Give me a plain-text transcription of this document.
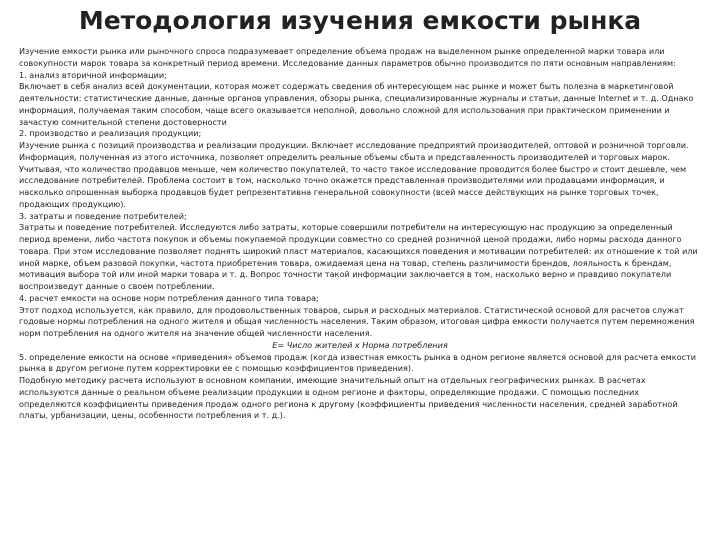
Методология изучения емкости рынка

Изучение емкости рынка или рыночного спроса подразумевает определение объема продаж на выделенном рынке определенной марки товара или совокупности марок товара за конкретный период времени. Исследование данных параметров обычно производится по пяти основным направлениям:

1. анализ вторичной информации;

Включает в себя анализ всей документации, которая может содержать сведения об интересующем нас рынке и может быть полезна в маркетинговой деятельности: статистические данные, данные органов управления, обзоры рынка, специализированные журналы и статьи, данные Internet и т. д. Однако информация, получаемая таким способом, чаще всего оказывается неполной, довольно сложной для использования при практическом применении и зачастую сомнительной степени достоверности

2. производство и реализация продукции;

Изучение рынка с позиций производства и реализации продукции. Включает исследование предприятий производителей, оптовой и розничной торговли. Информация, полученная из этого источника, позволяет определить реальные объемы сбыта и представленность производителей и торговых марок. Учитывая, что количество продавцов меньше, чем количество покупателей, то часто такое исследование проводится более быстро и стоит дешевле, чем исследование потребителей. Проблема состоит в том, насколько точно окажется представленная производителями или продавцами информация, и насколько опрошенная выборка продавцов будет репрезентативна генеральной совокупности (всей массе действующих на рынке торговых точек, продающих продукцию).

3. затраты и поведение потребителей;

Затраты и поведение потребителей. Исследуются либо затраты, которые совершили потребители на интересующую нас продукцию за определенный период времени, либо частота покупок и объемы покупаемой продукции совместно со средней розничной ценой продажи, либо нормы расхода данного товара. При этом исследование позволяет поднять широкий пласт материалов, касающихся поведения и мотивации потребителей: их отношение к той или иной марке, объем разовой покупки, частота приобретения товара, ожидаемая цена на товар, степень различимости брендов, лояльность к брендам, мотивация выбора той или иной марки товара и т. д. Вопрос точности такой информации заключается в том, насколько верно и правдиво покупатели воспроизведут данные о своем потреблении.

4. расчет емкости на основе норм потребления данного типа товара;

Этот подход используется, как правило, для продовольственных товаров, сырья и расходных материалов. Статистической основой для расчетов служат годовые нормы потребления на одного жителя и общая численность населения. Таким образом, итоговая цифра емкости получается путем перемножения норм потребления на одного жителя на значение общей численности населения.

Е= Число жителей х Норма потребления

5. определение емкости на основе «приведения» объемов продаж (когда известная емкость рынка в одном регионе является основой для расчета емкости рынка в другом регионе путем корректировки ее с помощью коэффициентов приведения).

Подобную методику расчета используют в основном компании, имеющие значительный опыт на отдельных географических рынках. В расчетах используются данные о реальном объеме реализации продукции в одном регионе и факторы, определяющие продажи. С помощью последних определяются коэффициенты приведения продаж одного региона к другому (коэффициенты приведения численности населения, средней заработной платы, урбанизации, цены, особенности потребления и т. д.).
